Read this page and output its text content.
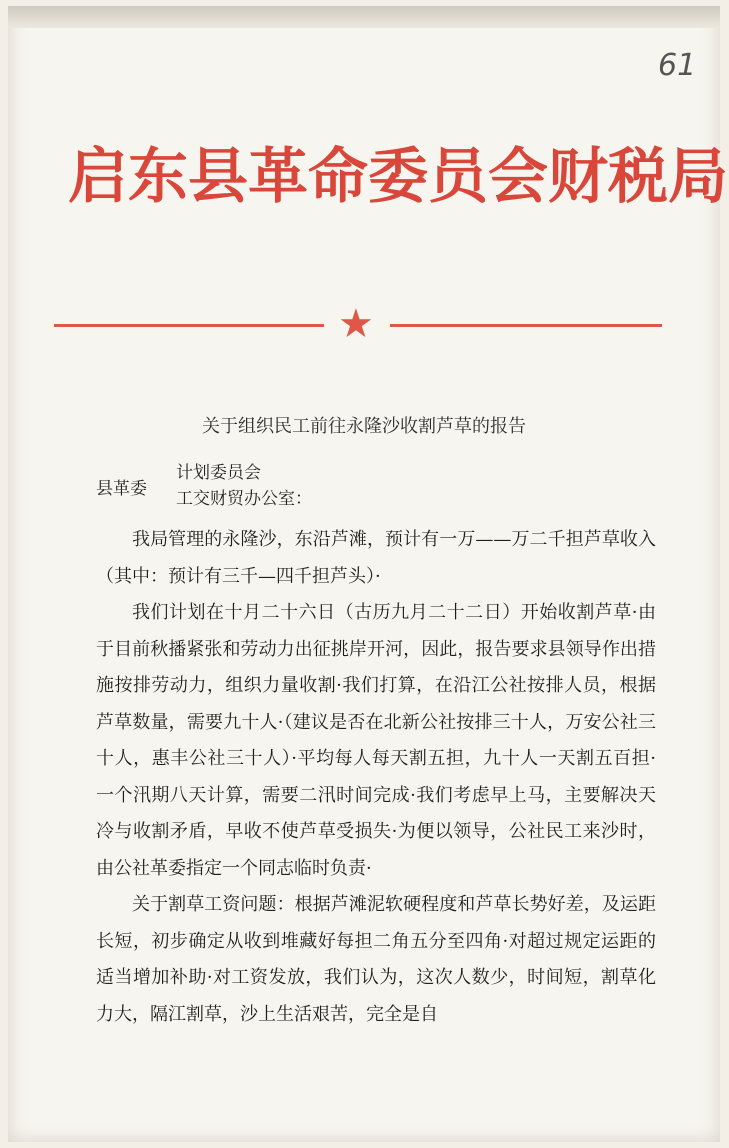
61
启东县革命委员会财税局
★
关于组织民工前往永隆沙收割芦草的报告
县革委
计划委员会
工交财贸办公室：

我局管理的永隆沙，东沿芦滩，预计有一万——万二千担芦草收入（其中：预计有三千—四千担芦头）·

我们计划在十月二十六日（古历九月二十二日）开始收割芦草·由于目前秋播紧张和劳动力出征挑岸开河，因此，报告要求县领导作出措施按排劳动力，组织力量收割·我们打算，在沿江公社按排人员，根据芦草数量，需要九十人·（建议是否在北新公社按排三十人，万安公社三十人，惠丰公社三十人）·平均每人每天割五担，九十人一天割五百担·一个汛期八天计算，需要二汛时间完成·我们考虑早上马，主要解决天冷与收割矛盾，早收不使芦草受损失·为便以领导，公社民工来沙时，由公社革委指定一个同志临时负责·

关于割草工资问题：根据芦滩泥软硬程度和芦草长势好差，及运距长短，初步确定从收到堆藏好每担二角五分至四角·对超过规定运距的适当增加补助·对工资发放，我们认为，这次人数少，时间短，割草化力大，隔江割草，沙上生活艰苦，完全是自
